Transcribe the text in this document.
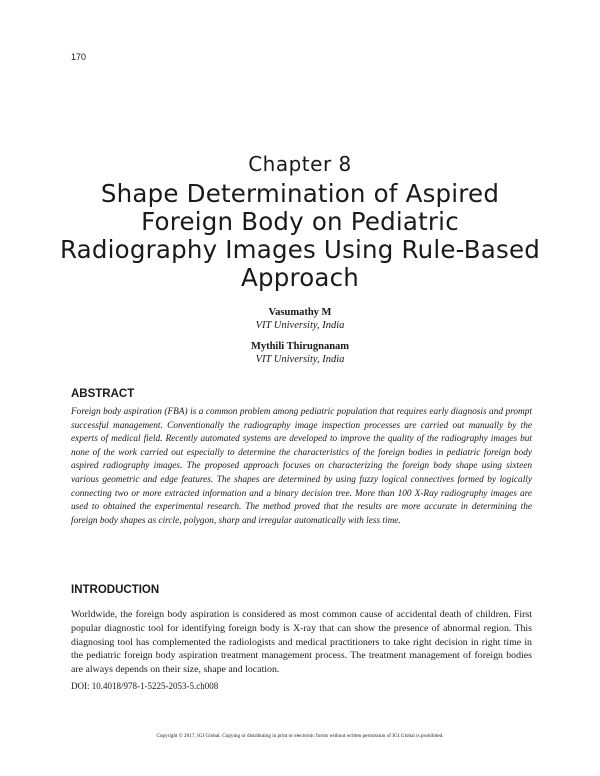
170
Chapter 8
Shape Determination of Aspired Foreign Body on Pediatric Radiography Images Using Rule-Based Approach
Vasumathy M
VIT University, India
Mythili Thirugnanam
VIT University, India
ABSTRACT

Foreign body aspiration (FBA) is a common problem among pediatric population that requires early diagnosis and prompt successful management. Conventionally the radiography image inspection processes are carried out manually by the experts of medical field. Recently automated systems are developed to improve the quality of the radiography images but none of the work carried out especially to determine the characteristics of the foreign bodies in pediatric foreign body aspired radiography images. The proposed approach focuses on characterizing the foreign body shape using sixteen various geometric and edge features. The shapes are determined by using fuzzy logical connectives formed by logically connecting two or more extracted information and a binary decision tree. More than 100 X-Ray radiography images are used to obtained the experimental research. The method proved that the results are more accurate in determining the foreign body shapes as circle, polygon, sharp and irregular automatically with less time.

INTRODUCTION

Worldwide, the foreign body aspiration is considered as most common cause of accidental death of children. First popular diagnostic tool for identifying foreign body is X-ray that can show the presence of abnormal region. This diagnosing tool has complemented the radiologists and medical practitioners to take right decision in right time in the pediatric foreign body aspiration treatment management process. The treatment management of foreign bodies are always depends on their size, shape and location.

DOI: 10.4018/978-1-5225-2053-5.ch008
Copyright © 2017, IGI Global. Copying or distributing in print or electronic forms without written permission of IGI Global is prohibited.
